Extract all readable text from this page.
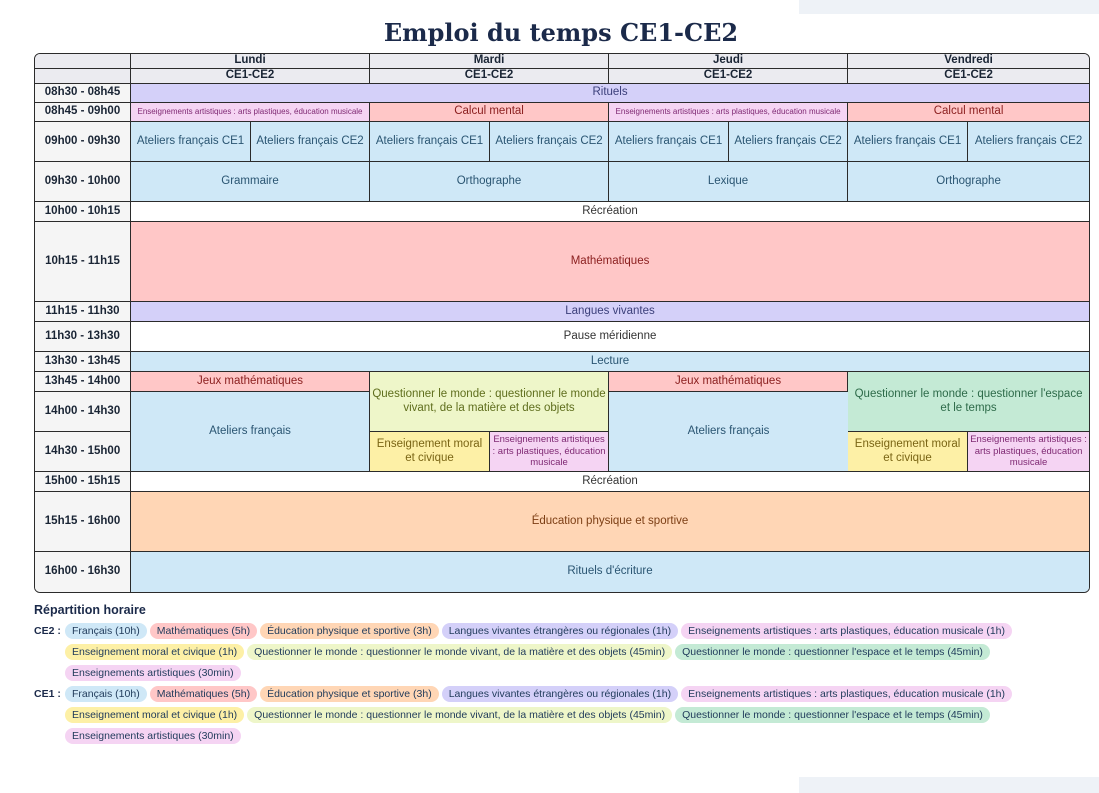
Emploi du temps CE1-CE2
	Lundi		Mardi		Jeudi		Vendredi	
	CE1-CE2		CE1-CE2		CE1-CE2		CE1-CE2	
08h30 - 08h45	Rituels							
08h45 - 09h00	Enseignements artistiques : arts plastiques, éducation musicale		Calcul mental		Enseignements artistiques : arts plastiques, éducation musicale		Calcul mental	
09h00 - 09h30	Ateliers français CE1	Ateliers français CE2	Ateliers français CE1	Ateliers français CE2	Ateliers français CE1	Ateliers français CE2	Ateliers français CE1	Ateliers français CE2
09h30 - 10h00	Grammaire		Orthographe		Lexique		Orthographe	
10h00 - 10h15	Récréation							
10h15 - 11h15	Mathématiques							
11h15 - 11h30	Langues vivantes							
11h30 - 13h30	Pause méridienne							
13h30 - 13h45	Lecture							
13h45 - 14h00	Jeux mathématiques		Questionner le monde : questionner le monde vivant, de la matière et des objets		Jeux mathématiques		Questionner le monde : questionner l'espace et le temps	
14h00 - 14h30	Ateliers français				Ateliers français			
14h30 - 15h00			Enseignement moral et civique	Enseignements artistiques : arts plastiques, éducation musicale			Enseignement moral et civique	Enseignements artistiques : arts plastiques, éducation musicale
15h00 - 15h15	Récréation							
15h15 - 16h00	Éducation physique et sportive							
16h00 - 16h30	Rituels d'écriture							
Répartition horaire
CE2 :	Français (10h)	Mathématiques (5h)	Éducation physique et sportive (3h)	Langues vivantes étrangères ou régionales (1h)	Enseignements artistiques : arts plastiques, éducation musicale (1h)
Enseignement moral et civique (1h)	Questionner le monde : questionner le monde vivant, de la matière et des objets (45min)	Questionner le monde : questionner l'espace et le temps (45min)
Enseignements artistiques (30min)
CE1 :	Français (10h)	Mathématiques (5h)	Éducation physique et sportive (3h)	Langues vivantes étrangères ou régionales (1h)	Enseignements artistiques : arts plastiques, éducation musicale (1h)
Enseignement moral et civique (1h)	Questionner le monde : questionner le monde vivant, de la matière et des objets (45min)	Questionner le monde : questionner l'espace et le temps (45min)
Enseignements artistiques (30min)
